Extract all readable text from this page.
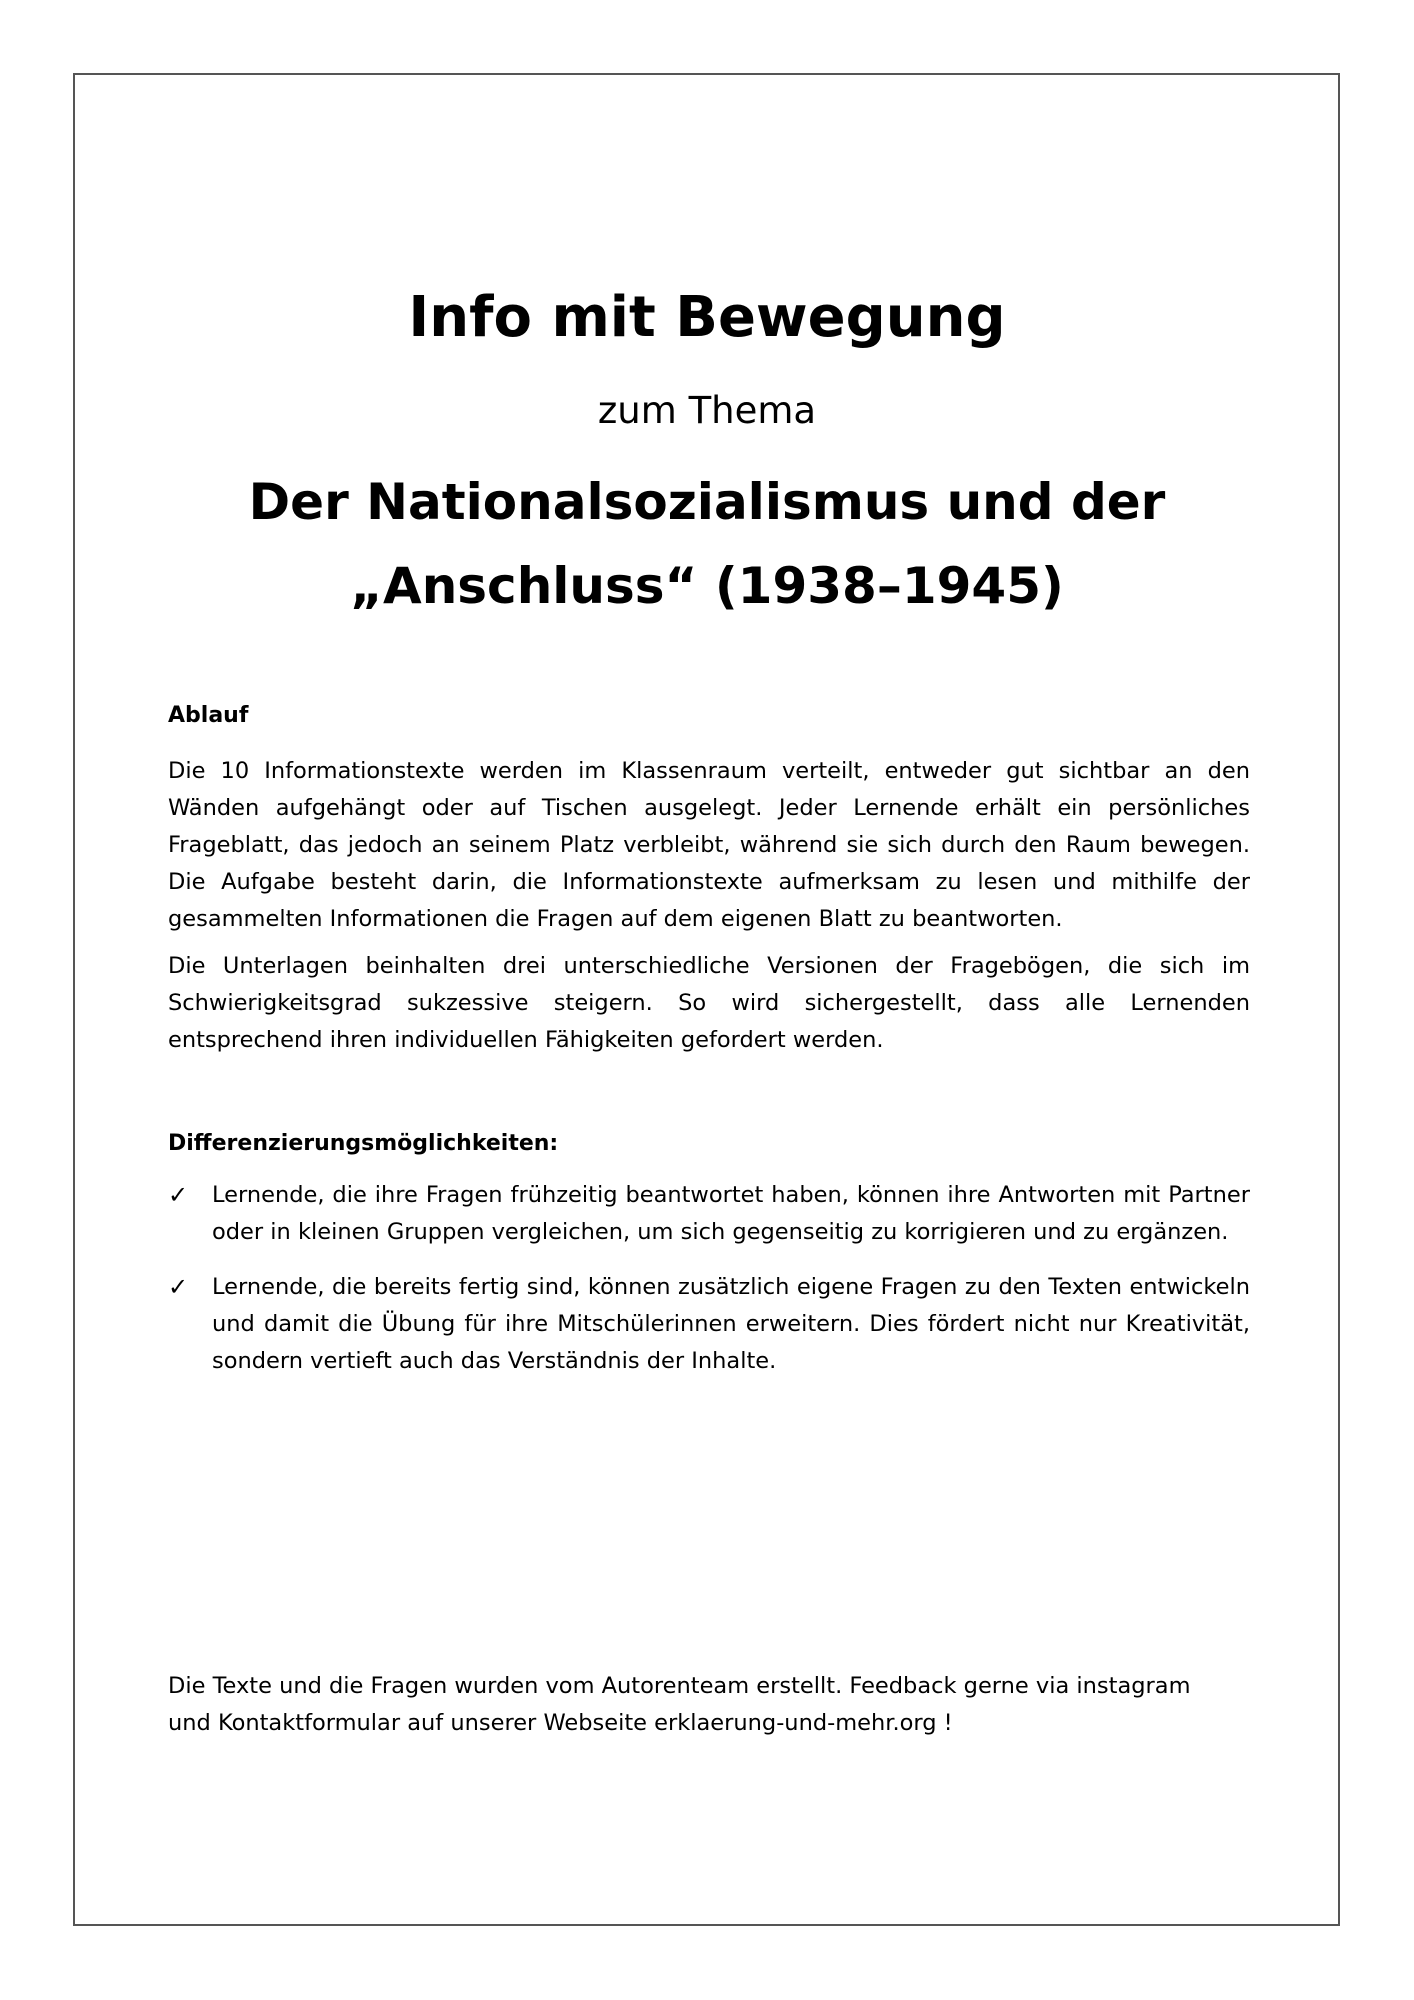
Info mit Bewegung

zum Thema

Der Nationalsozialismus und der „Anschluss“ (1938–1945)

Ablauf

Die 10 Informationstexte werden im Klassenraum verteilt, entweder gut sichtbar an den Wänden aufgehängt oder auf Tischen ausgelegt. Jeder Lernende erhält ein persönliches Frageblatt, das jedoch an seinem Platz verbleibt, während sie sich durch den Raum bewegen. Die Aufgabe besteht darin, die Informationstexte aufmerksam zu lesen und mithilfe der gesammelten Informationen die Fragen auf dem eigenen Blatt zu beantworten.

Die Unterlagen beinhalten drei unterschiedliche Versionen der Fragebögen, die sich im Schwierigkeitsgrad sukzessive steigern. So wird sichergestellt, dass alle Lernenden entsprechend ihren individuellen Fähigkeiten gefordert werden.

Differenzierungsmöglichkeiten:

✓	Lernende, die ihre Fragen frühzeitig beantwortet haben, können ihre Antworten mit Partner oder in kleinen Gruppen vergleichen, um sich gegenseitig zu korrigieren und zu ergänzen.
✓	Lernende, die bereits fertig sind, können zusätzlich eigene Fragen zu den Texten entwickeln und damit die Übung für ihre Mitschülerinnen erweitern. Dies fördert nicht nur Kreativität, sondern vertieft auch das Verständnis der Inhalte.

Die Texte und die Fragen wurden vom Autorenteam erstellt. Feedback gerne via instagram und Kontaktformular auf unserer Webseite erklaerung-und-mehr.org !
